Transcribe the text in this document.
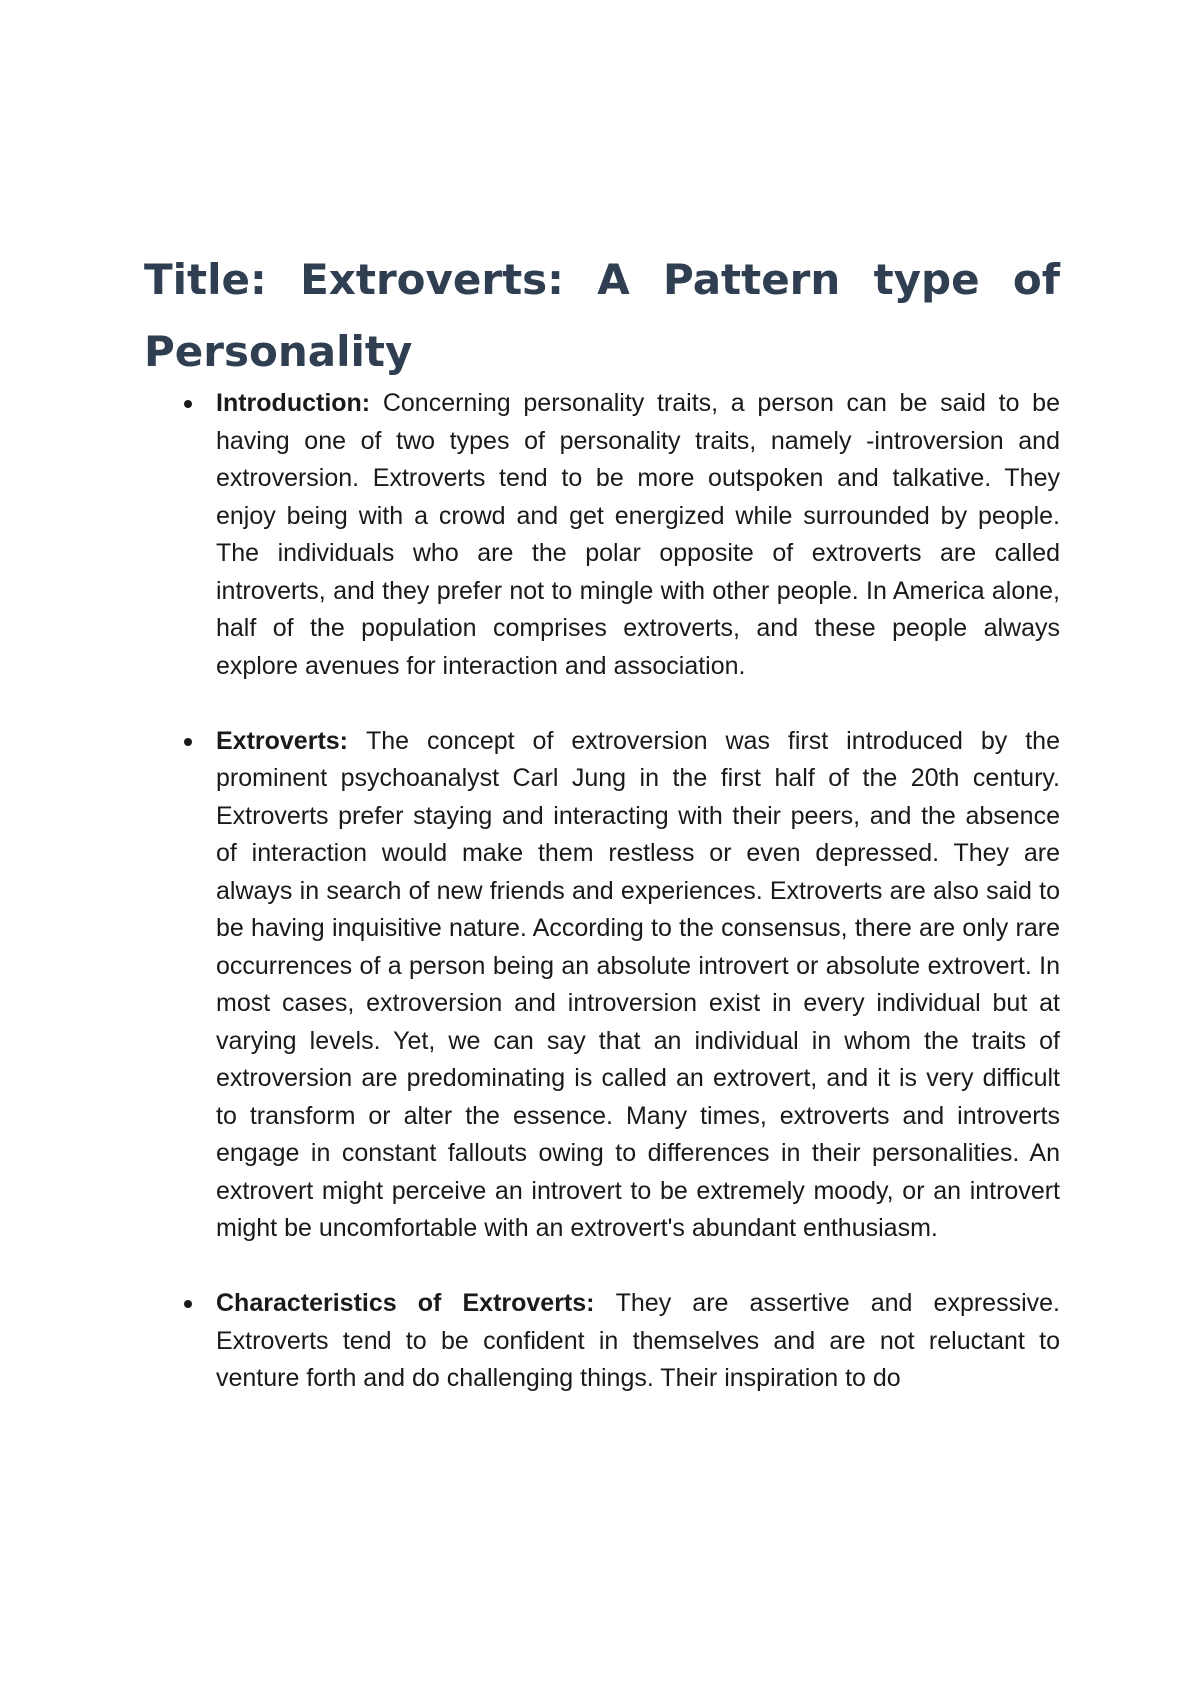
Title: Extroverts: A Pattern type of Personality
Introduction: Concerning personality traits, a person can be said to be having one of two types of personality traits, namely -introversion and extroversion. Extroverts tend to be more outspoken and talkative. They enjoy being with a crowd and get energized while surrounded by people. The individuals who are the polar opposite of extroverts are called introverts, and they prefer not to mingle with other people. In America alone, half of the population comprises extroverts, and these people always explore avenues for interaction and association.
Extroverts: The concept of extroversion was first introduced by the prominent psychoanalyst Carl Jung in the first half of the 20th century. Extroverts prefer staying and interacting with their peers, and the absence of interaction would make them restless or even depressed. They are always in search of new friends and experiences. Extroverts are also said to be having inquisitive nature. According to the consensus, there are only rare occurrences of a person being an absolute introvert or absolute extrovert. In most cases, extroversion and introversion exist in every individual but at varying levels. Yet, we can say that an individual in whom the traits of extroversion are predominating is called an extrovert, and it is very difficult to transform or alter the essence. Many times, extroverts and introverts engage in constant fallouts owing to differences in their personalities. An extrovert might perceive an introvert to be extremely moody, or an introvert might be uncomfortable with an extrovert's abundant enthusiasm.
Characteristics of Extroverts: They are assertive and expressive. Extroverts tend to be confident in themselves and are not reluctant to venture forth and do challenging things. Their inspiration to do
